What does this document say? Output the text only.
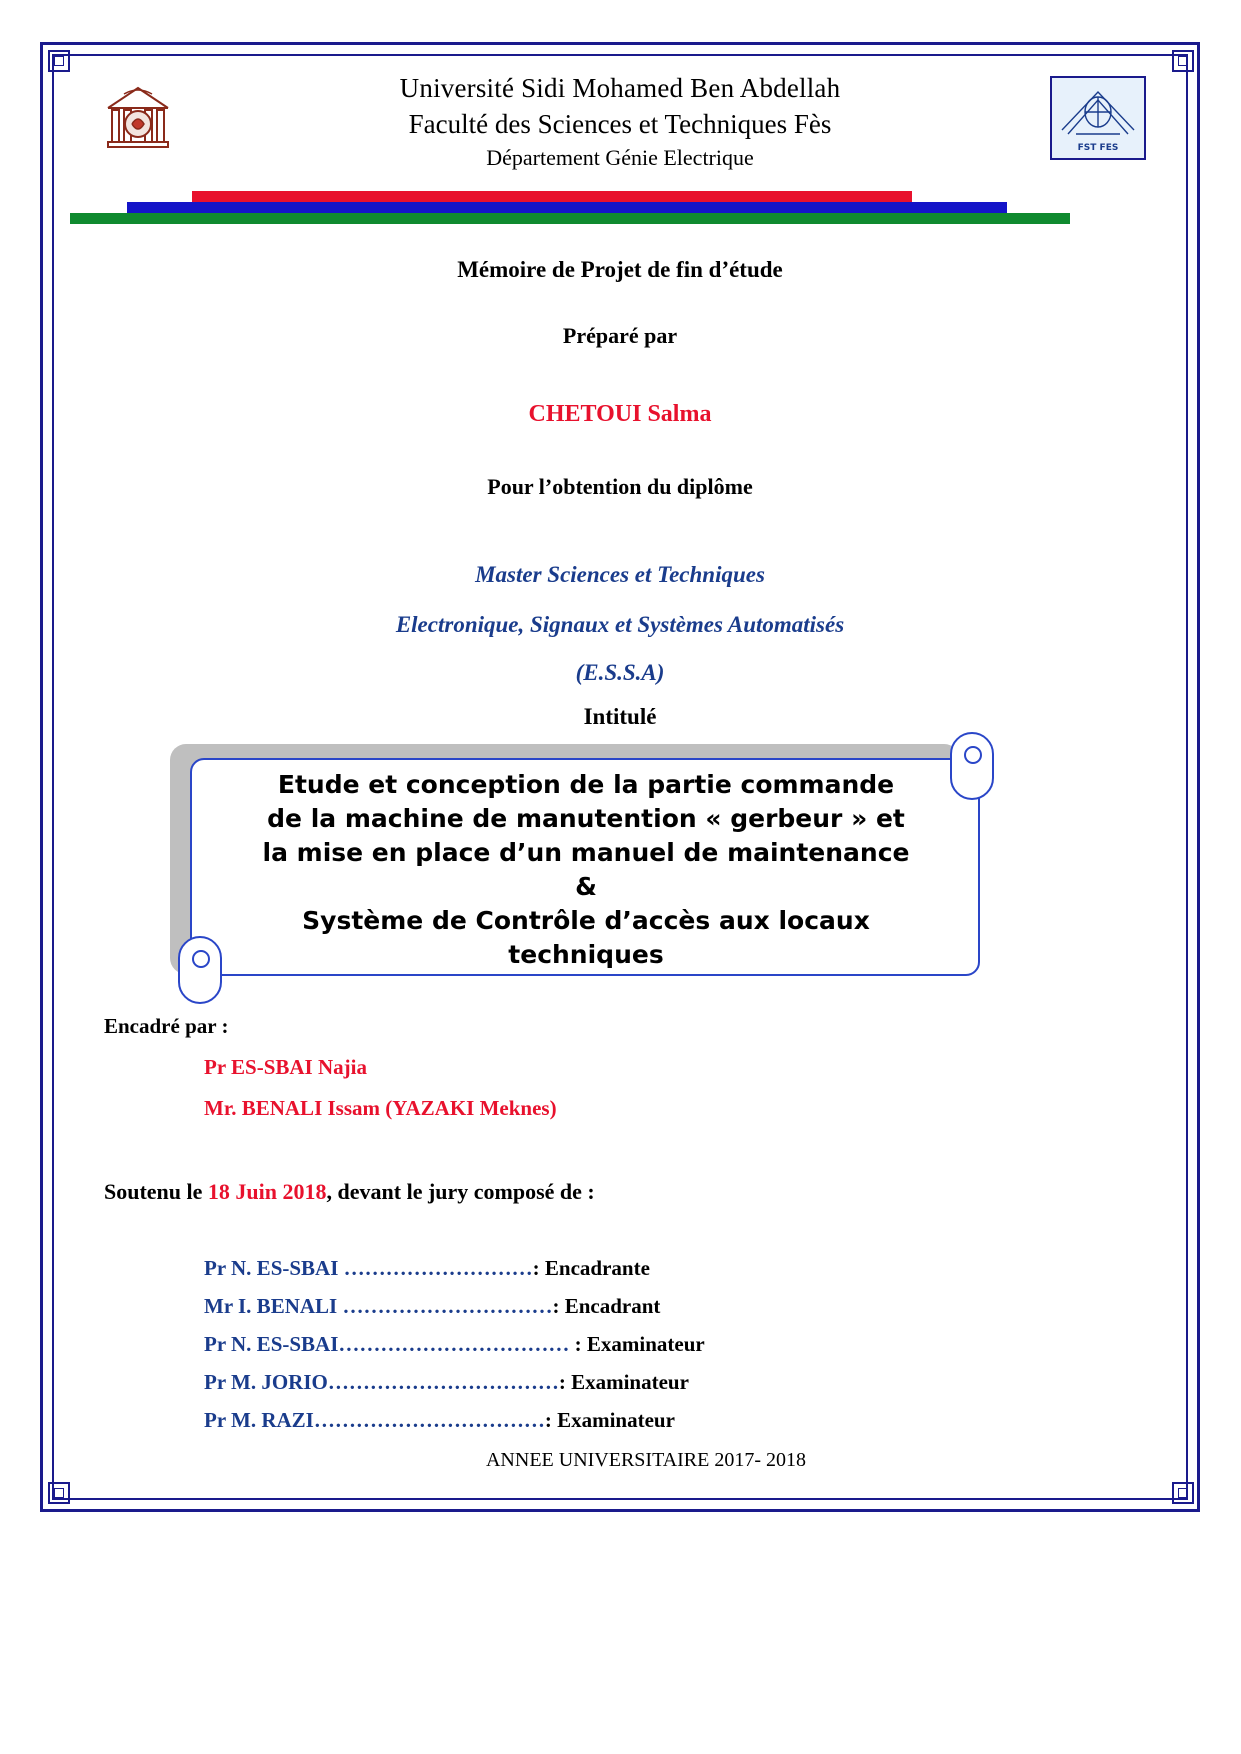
Université Sidi Mohamed Ben Abdellah
Faculté des Sciences et Techniques Fès
Département Génie Electrique	FST FES
Mémoire de Projet de fin d’étude
Préparé par
CHETOUI Salma
Pour l’obtention du diplôme
Master Sciences et Techniques
Electronique, Signaux et Systèmes Automatisés
(E.S.S.A)
Intitulé
Etude et conception de la partie commande
de la machine de manutention « gerbeur » et
la mise en place d’un manuel de maintenance
&
Système de Contrôle d’accès aux locaux
techniques
Encadré par :
Pr ES-SBAI Najia
Mr. BENALI Issam (YAZAKI Meknes)
Soutenu le 18 Juin 2018, devant le jury composé de :
Pr N. ES-SBAI ………………………: Encadrante
Mr I. BENALI …………………………: Encadrant
Pr N. ES-SBAI…………………………… : Examinateur
Pr M. JORIO……………………………: Examinateur
Pr M. RAZI……………………………: Examinateur
ANNEE UNIVERSITAIRE 2017- 2018
